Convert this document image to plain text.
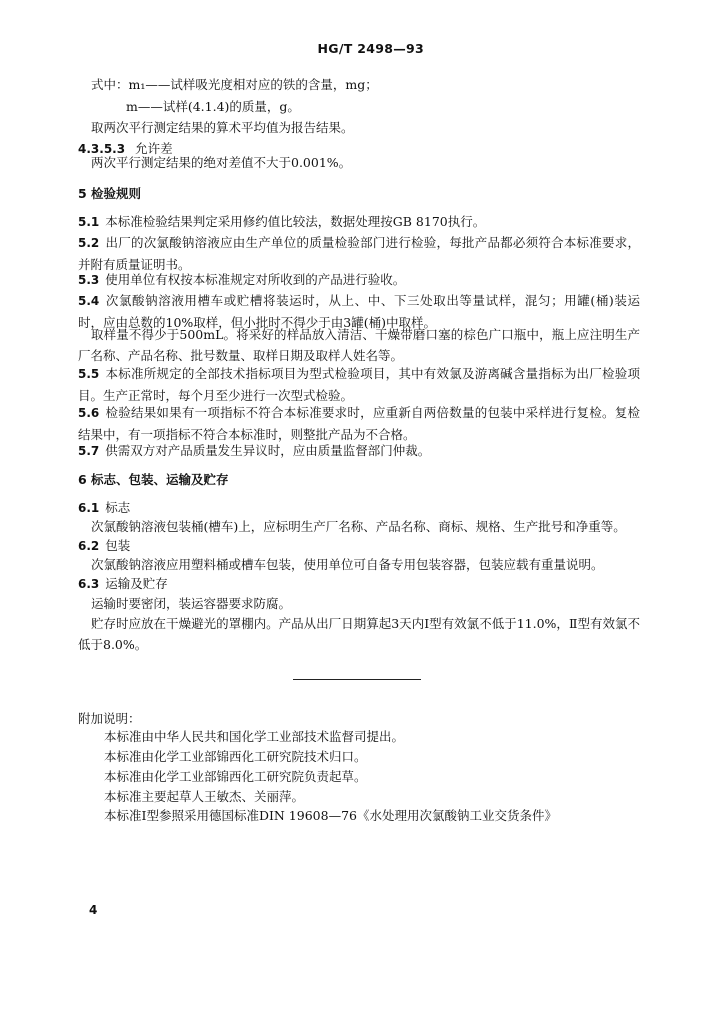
HG/T 2498—93
式中：m₁——试样吸光度相对应的铁的含量，mg；
m——试样(4.1.4)的质量，g。
取两次平行测定结果的算术平均值为报告结果。
4.3.5.3 允许差
两次平行测定结果的绝对差值不大于0.001%。
5 检验规则
5.1 本标准检验结果判定采用修约值比较法，数据处理按GB 8170执行。
5.2 出厂的次氯酸钠溶液应由生产单位的质量检验部门进行检验，每批产品都必须符合本标准要求，并附有质量证明书。
5.3 使用单位有权按本标准规定对所收到的产品进行验收。
5.4 次氯酸钠溶液用槽车或贮槽将装运时，从上、中、下三处取出等量试样，混匀；用罐(桶)装运时，应由总数的10%取样，但小批时不得少于由3罐(桶)中取样。
取样量不得少于500mL。将采好的样品放入清洁、干燥带磨口塞的棕色广口瓶中，瓶上应注明生产厂名称、产品名称、批号数量、取样日期及取样人姓名等。
5.5 本标准所规定的全部技术指标项目为型式检验项目，其中有效氯及游离碱含量指标为出厂检验项目。生产正常时，每个月至少进行一次型式检验。
5.6 检验结果如果有一项指标不符合本标准要求时，应重新自两倍数量的包装中采样进行复检。复检结果中，有一项指标不符合本标准时，则整批产品为不合格。
5.7 供需双方对产品质量发生异议时，应由质量监督部门仲裁。
6 标志、包装、运输及贮存
6.1 标志
次氯酸钠溶液包装桶(槽车)上，应标明生产厂名称、产品名称、商标、规格、生产批号和净重等。
6.2 包装
次氯酸钠溶液应用塑料桶或槽车包装，使用单位可自备专用包装容器，包装应载有重量说明。
6.3 运输及贮存
运输时要密闭，装运容器要求防腐。
贮存时应放在干燥避光的罩棚内。产品从出厂日期算起3天内Ⅰ型有效氯不低于11.0%，Ⅱ型有效氯不低于8.0%。
附加说明：
本标准由中华人民共和国化学工业部技术监督司提出。
本标准由化学工业部锦西化工研究院技术归口。
本标准由化学工业部锦西化工研究院负责起草。
本标准主要起草人王敏杰、关丽萍。
本标准Ⅰ型参照采用德国标准DIN 19608—76《水处理用次氯酸钠工业交货条件》
4
